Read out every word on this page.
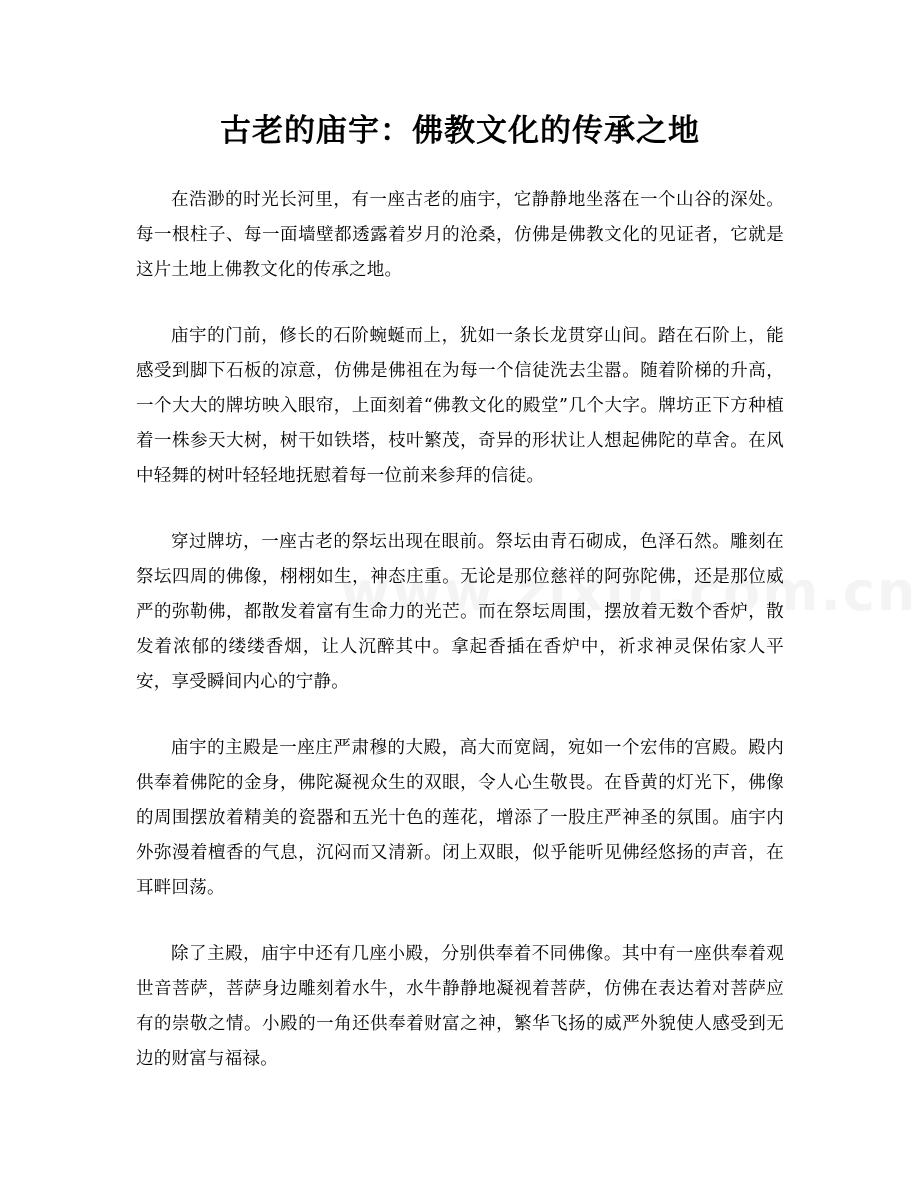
古老的庙宇：佛教文化的传承之地

在浩渺的时光长河里，有一座古老的庙宇，它静静地坐落在一个山谷的深处。每一根柱子、每一面墙壁都透露着岁月的沧桑，仿佛是佛教文化的见证者，它就是这片土地上佛教文化的传承之地。

庙宇的门前，修长的石阶蜿蜒而上，犹如一条长龙贯穿山间。踏在石阶上，能感受到脚下石板的凉意，仿佛是佛祖在为每一个信徒洗去尘嚣。随着阶梯的升高，一个大大的牌坊映入眼帘，上面刻着“佛教文化的殿堂”几个大字。牌坊正下方种植着一株参天大树，树干如铁塔，枝叶繁茂，奇异的形状让人想起佛陀的草舍。在风中轻舞的树叶轻轻地抚慰着每一位前来参拜的信徒。

穿过牌坊，一座古老的祭坛出现在眼前。祭坛由青石砌成，色泽石然。雕刻在祭坛四周的佛像，栩栩如生，神态庄重。无论是那位慈祥的阿弥陀佛，还是那位威严的弥勒佛，都散发着富有生命力的光芒。而在祭坛周围，摆放着无数个香炉，散发着浓郁的缕缕香烟，让人沉醉其中。拿起香插在香炉中，祈求神灵保佑家人平安，享受瞬间内心的宁静。

庙宇的主殿是一座庄严肃穆的大殿，高大而宽阔，宛如一个宏伟的宫殿。殿内供奉着佛陀的金身，佛陀凝视众生的双眼，令人心生敬畏。在昏黄的灯光下，佛像的周围摆放着精美的瓷器和五光十色的莲花，增添了一股庄严神圣的氛围。庙宇内外弥漫着檀香的气息，沉闷而又清新。闭上双眼，似乎能听见佛经悠扬的声音，在耳畔回荡。

除了主殿，庙宇中还有几座小殿，分别供奉着不同佛像。其中有一座供奉着观世音菩萨，菩萨身边雕刻着水牛，水牛静静地凝视着菩萨，仿佛在表达着对菩萨应有的崇敬之情。小殿的一角还供奉着财富之神，繁华飞扬的威严外貌使人感受到无边的财富与福禄。
